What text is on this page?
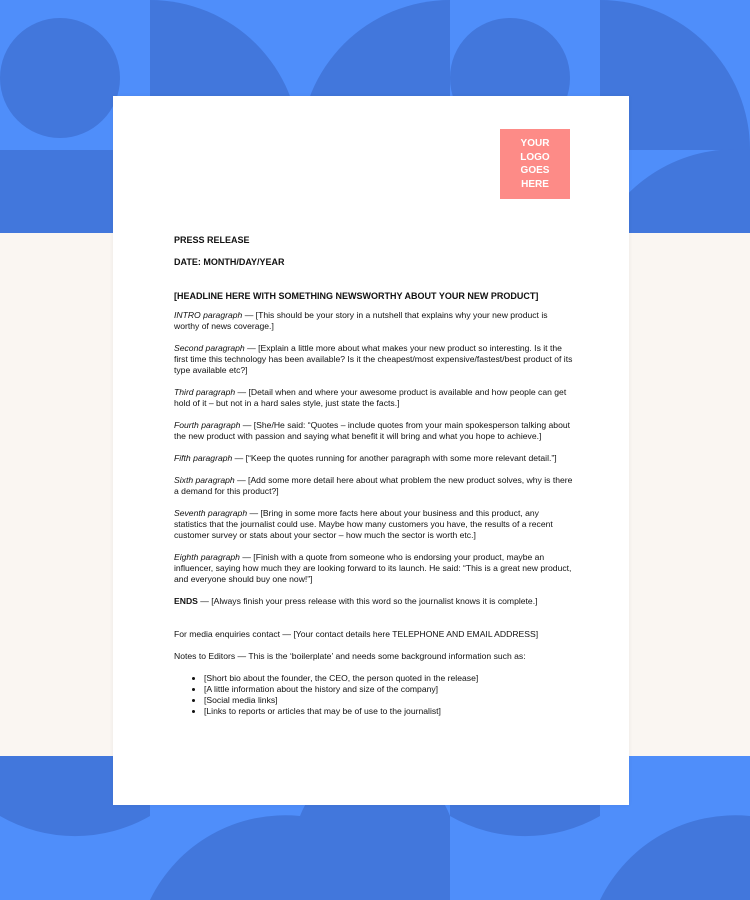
YOUR LOGO GOES HERE

PRESS RELEASE

DATE: MONTH/DAY/YEAR

[HEADLINE HERE WITH SOMETHING NEWSWORTHY ABOUT YOUR NEW PRODUCT]

INTRO paragraph — [This should be your story in a nutshell that explains why your new product is worthy of news coverage.]

Second paragraph — [Explain a little more about what makes your new product so interesting. Is it the first time this technology has been available? Is it the cheapest/most expensive/fastest/best product of its type available etc?]

Third paragraph — [Detail when and where your awesome product is available and how people can get hold of it – but not in a hard sales style, just state the facts.]

Fourth paragraph — [She/He said: “Quotes – include quotes from your main spokesperson talking about the new product with passion and saying what benefit it will bring and what you hope to achieve.]

Fifth paragraph — [“Keep the quotes running for another paragraph with some more relevant detail.”]

Sixth paragraph — [Add some more detail here about what problem the new product solves, why is there a demand for this product?]

Seventh paragraph — [Bring in some more facts here about your business and this product, any statistics that the journalist could use. Maybe how many customers you have, the results of a recent customer survey or stats about your sector – how much the sector is worth etc.]

Eighth paragraph — [Finish with a quote from someone who is endorsing your product, maybe an influencer, saying how much they are looking forward to its launch. He said: “This is a great new product, and everyone should buy one now!”]

ENDS — [Always finish your press release with this word so the journalist knows it is complete.]

For media enquiries contact — [Your contact details here TELEPHONE AND EMAIL ADDRESS]

Notes to Editors — This is the ‘boilerplate’ and needs some background information such as:

• [Short bio about the founder, the CEO, the person quoted in the release]
• [A little information about the history and size of the company]
• [Social media links]
• [Links to reports or articles that may be of use to the journalist]
